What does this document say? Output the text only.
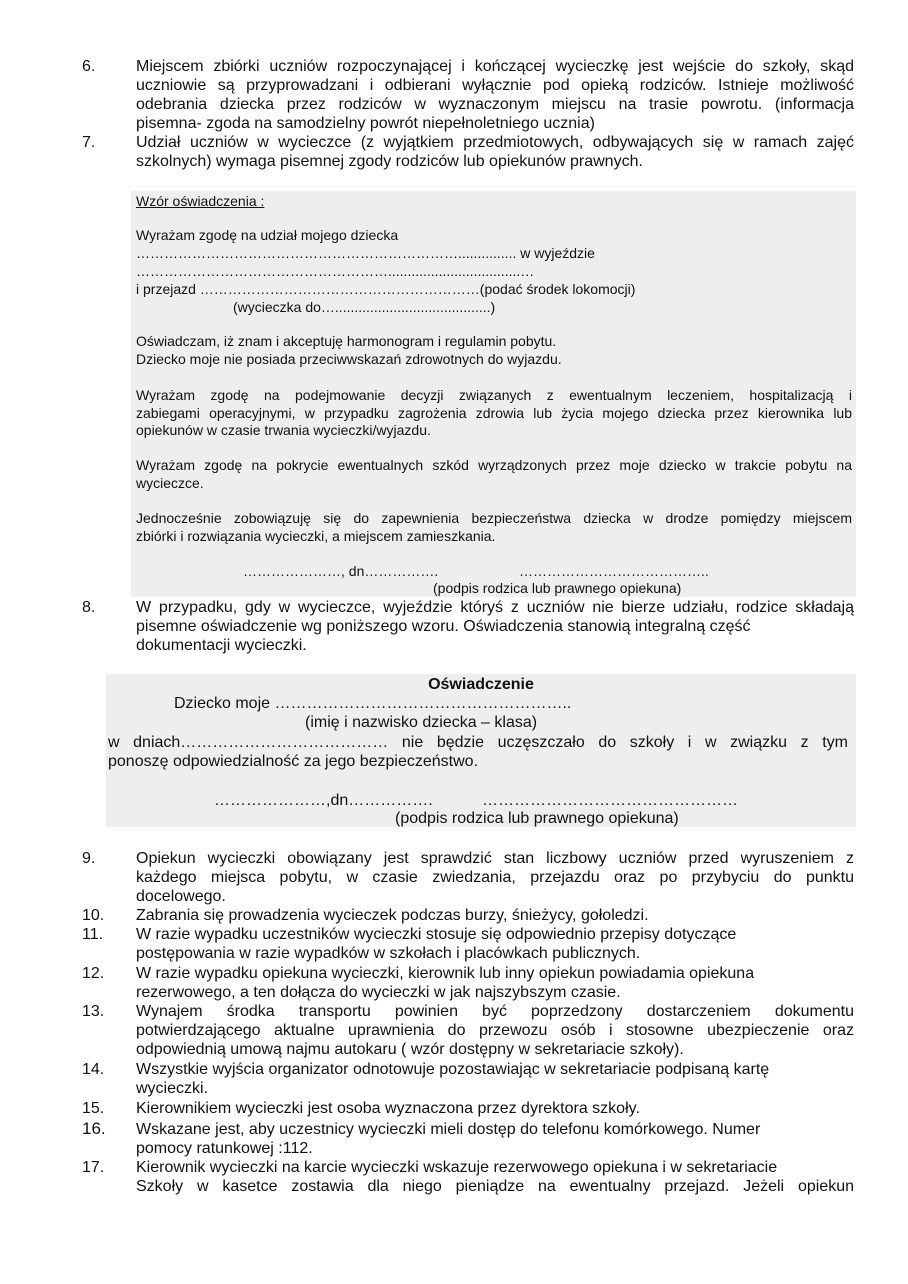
6.	Miejscem zbiórki uczniów rozpoczynającej i kończącej wycieczkę jest wejście do szkoły, skąd
uczniowie są przyprowadzani i odbierani wyłącznie pod opieką rodziców. Istnieje możliwość
odebrania dziecka przez rodziców w wyznaczonym miejscu na trasie powrotu. (informacja
pisemna- zgoda na samodzielny powrót niepełnoletniego ucznia)
7.	Udział uczniów w wycieczce (z wyjątkiem przedmiotowych, odbywających się w ramach zajęć
szkolnych) wymaga pisemnej zgody rodziców lub opiekunów prawnych.
Wzór oświadczenia :
Wyrażam zgodę na udział mojego dziecka
……………………………………………………………............... w wyjeździe
………………………………………………..................................…
i przejazd ……………………………………………………(podać środek lokomocji)
(wycieczka do…........................................)
Oświadczam, iż znam i akceptuję harmonogram i regulamin pobytu.
Dziecko moje nie posiada przeciwwskazań zdrowotnych do wyjazdu.
Wyrażam zgodę na podejmowanie decyzji związanych z ewentualnym leczeniem, hospitalizacją i
zabiegami operacyjnymi, w przypadku zagrożenia zdrowia lub życia mojego dziecka przez kierownika lub
opiekunów w czasie trwania wycieczki/wyjazdu.
Wyrażam zgodę na pokrycie ewentualnych szkód wyrządzonych przez moje dziecko w trakcie pobytu na
wycieczce.
Jednocześnie zobowiązuję się do zapewnienia bezpieczeństwa dziecka w drodze pomiędzy miejscem
zbiórki i rozwiązania wycieczki, a miejscem zamieszkania.
…………………, dn…………….	…………………………………..
(podpis rodzica lub prawnego opiekuna)
8.	W przypadku, gdy w wycieczce, wyjeździe któryś z uczniów nie bierze udziału, rodzice składają
pisemne oświadczenie wg poniższego wzoru. Oświadczenia stanowią integralną część
dokumentacji wycieczki.
Oświadczenie
Dziecko moje ………………………………………………..
(imię i nazwisko dziecka – klasa)
w dniach………………………………… nie będzie uczęszczało do szkoły i w związku z tym
ponoszę odpowiedzialność za jego bezpieczeństwo.
…………………,dn…………….	…………………………………………
(podpis rodzica lub prawnego opiekuna)
9.	Opiekun wycieczki obowiązany jest sprawdzić stan liczbowy uczniów przed wyruszeniem z
każdego miejsca pobytu, w czasie zwiedzania, przejazdu oraz po przybyciu do punktu
docelowego.
10. Zabrania się prowadzenia wycieczek podczas burzy, śnieżycy, gołoledzi.
11. W razie wypadku uczestników wycieczki stosuje się odpowiednio przepisy dotyczące
postępowania w razie wypadków w szkołach i placówkach publicznych.
12. W razie wypadku opiekuna wycieczki, kierownik lub inny opiekun powiadamia opiekuna
rezerwowego, a ten dołącza do wycieczki w jak najszybszym czasie.
13. Wynajem środka transportu powinien być poprzedzony dostarczeniem dokumentu
potwierdzającego aktualne uprawnienia do przewozu osób i stosowne ubezpieczenie oraz
odpowiednią umową najmu autokaru ( wzór dostępny w sekretariacie szkoły).
14. Wszystkie wyjścia organizator odnotowuje pozostawiając w sekretariacie podpisaną kartę
wycieczki.
15. Kierownikiem wycieczki jest osoba wyznaczona przez dyrektora szkoły.
16. Wskazane jest, aby uczestnicy wycieczki mieli dostęp do telefonu komórkowego. Numer
pomocy ratunkowej :112.
17. Kierownik wycieczki na karcie wycieczki wskazuje rezerwowego opiekuna i w sekretariacie
Szkoły w kasetce zostawia dla niego pieniądze na ewentualny przejazd. Jeżeli opiekun
